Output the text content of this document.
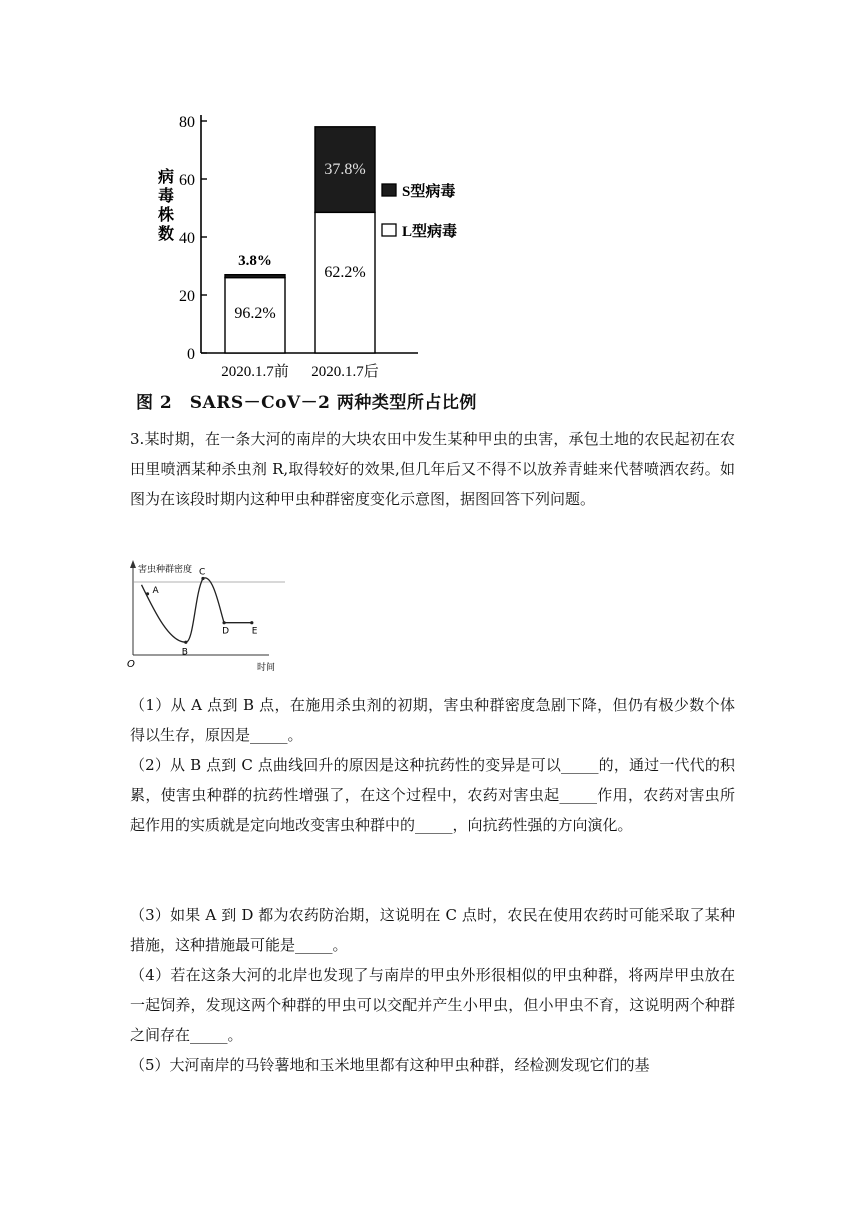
0
20
40
60
80
病毒株数
2020.1.7前 2020.1.7后
96.2%
3.8%
62.2%
37.8%
S型病毒
L型病毒
图 2　SARS－CoV－2 两种类型所占比例
3.某时期，在一条大河的南岸的大块农田中发生某种甲虫的虫害，承包土地的农民起初在农田里喷洒某种杀虫剂 R,取得较好的效果,但几年后又不得不以放养青蛙来代替喷洒农药。如图为在该段时期内这种甲虫种群密度变化示意图，据图回答下列问题。
害虫种群密度
时间
O
A
B
C
D	E
（1）从 A 点到 B 点，在施用杀虫剂的初期，害虫种群密度急剧下降，但仍有极少数个体得以生存，原因是_____。
（2）从 B 点到 C 点曲线回升的原因是这种抗药性的变异是可以_____的，通过一代代的积累，使害虫种群的抗药性增强了，在这个过程中，农药对害虫起_____作用，农药对害虫所起作用的实质就是定向地改变害虫种群中的_____，向抗药性强的方向演化。
（3）如果 A 到 D 都为农药防治期，这说明在 C 点时，农民在使用农药时可能采取了某种措施，这种措施最可能是_____。
（4）若在这条大河的北岸也发现了与南岸的甲虫外形很相似的甲虫种群，将两岸甲虫放在一起饲养，发现这两个种群的甲虫可以交配并产生小甲虫，但小甲虫不育，这说明两个种群之间存在_____。
（5）大河南岸的马铃薯地和玉米地里都有这种甲虫种群，经检测发现它们的基
